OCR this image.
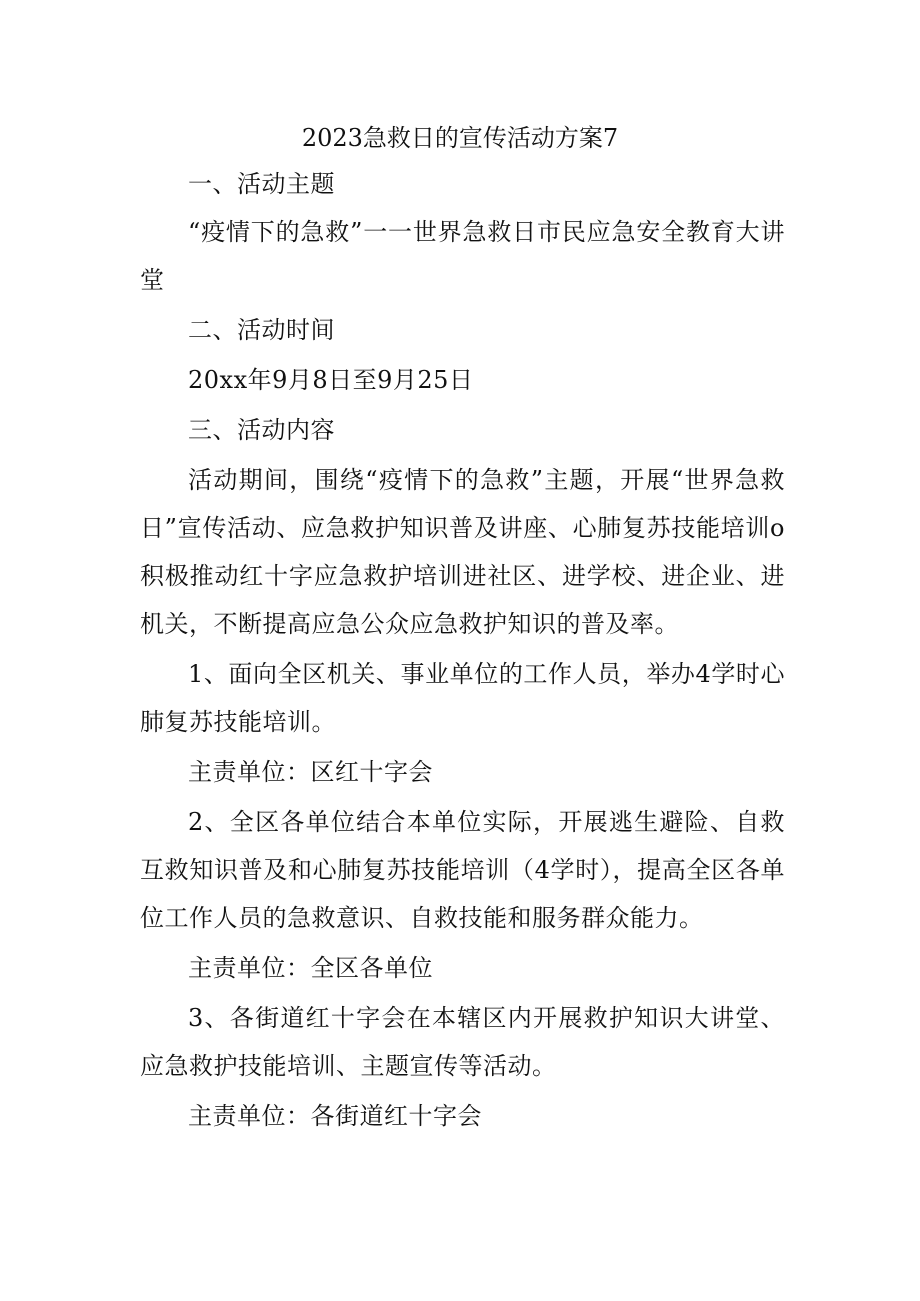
2023急救日的宣传活动方案7

一、活动主题

“疫情下的急救”一一世界急救日市民应急安全教育大讲堂

二、活动时间

20xx年9月8日至9月25日

三、活动内容

活动期间，围绕“疫情下的急救”主题，开展“世界急救日”宣传活动、应急救护知识普及讲座、心肺复苏技能培训o积极推动红十字应急救护培训进社区、进学校、进企业、进机关，不断提高应急公众应急救护知识的普及率。

1、面向全区机关、事业单位的工作人员，举办4学时心肺复苏技能培训。

主责单位：区红十字会

2、全区各单位结合本单位实际，开展逃生避险、自救互救知识普及和心肺复苏技能培训（4学时），提高全区各单位工作人员的急救意识、自救技能和服务群众能力。

主责单位：全区各单位

3、各街道红十字会在本辖区内开展救护知识大讲堂、应急救护技能培训、主题宣传等活动。

主责单位：各街道红十字会
